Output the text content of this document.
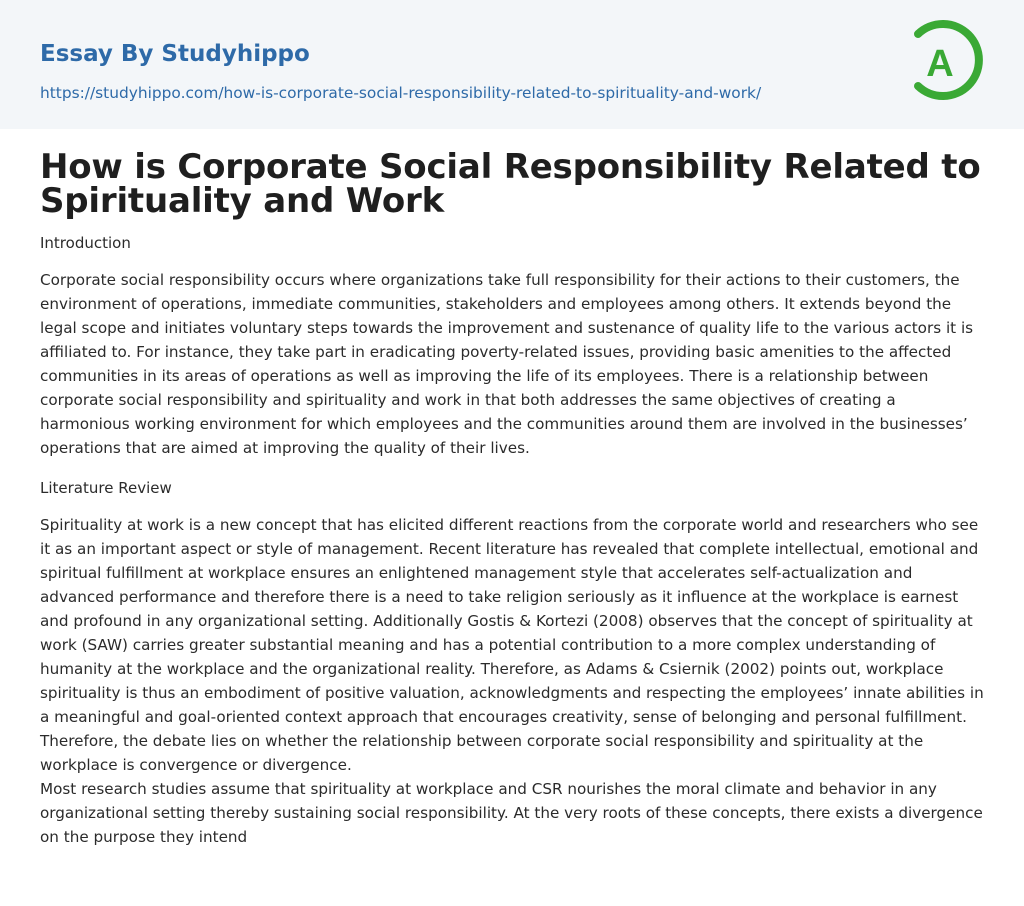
Essay By Studyhippo
https://studyhippo.com/how-is-corporate-social-responsibility-related-to-spirituality-and-work/
A
How is Corporate Social Responsibility Related to Spirituality and Work
Introduction

Corporate social responsibility occurs where organizations take full responsibility for their actions to their customers, the environment of operations, immediate communities, stakeholders and employees among others. It extends beyond the legal scope and initiates voluntary steps towards the improvement and sustenance of quality life to the various actors it is affiliated to. For instance, they take part in eradicating poverty-related issues, providing basic amenities to the affected communities in its areas of operations as well as improving the life of its employees. There is a relationship between corporate social responsibility and spirituality and work in that both addresses the same objectives of creating a harmonious working environment for which employees and the communities around them are involved in the businesses’ operations that are aimed at improving the quality of their lives.

Literature Review

Spirituality at work is a new concept that has elicited different reactions from the corporate world and researchers who see it as an important aspect or style of management. Recent literature has revealed that complete intellectual, emotional and spiritual fulfillment at workplace ensures an enlightened management style that accelerates self-actualization and advanced performance and therefore there is a need to take religion seriously as it influence at the workplace is earnest and profound in any organizational setting. Additionally Gostis & Kortezi (2008) observes that the concept of spirituality at work (SAW) carries greater substantial meaning and has a potential contribution to a more complex understanding of humanity at the workplace and the organizational reality. Therefore, as Adams & Csiernik (2002) points out, workplace spirituality is thus an embodiment of positive valuation, acknowledgments and respecting the employees’ innate abilities in a meaningful and goal-oriented context approach that encourages creativity, sense of belonging and personal fulfillment. Therefore, the debate lies on whether the relationship between corporate social responsibility and spirituality at the workplace is convergence or divergence.

Most research studies assume that spirituality at workplace and CSR nourishes the moral climate and behavior in any organizational setting thereby sustaining social responsibility. At the very roots of these concepts, there exists a divergence on the purpose they intend
